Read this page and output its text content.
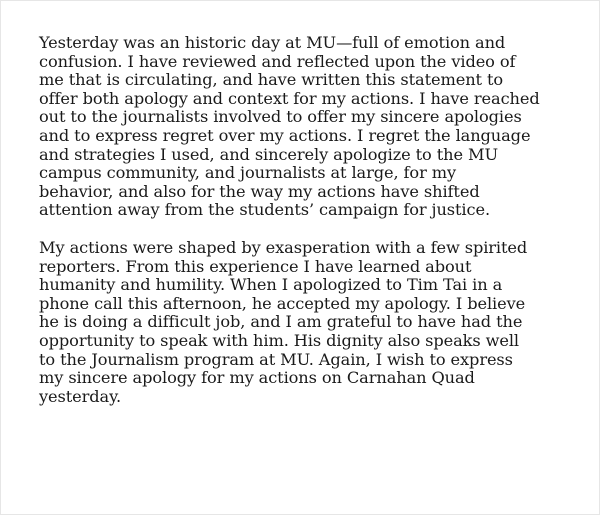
Yesterday was an historic day at MU—full of emotion and
confusion. I have reviewed and reflected upon the video of
me that is circulating, and have written this statement to
offer both apology and context for my actions. I have reached
out to the journalists involved to offer my sincere apologies
and to express regret over my actions. I regret the language
and strategies I used, and sincerely apologize to the MU
campus community, and journalists at large, for my
behavior, and also for the way my actions have shifted
attention away from the students’ campaign for justice.

My actions were shaped by exasperation with a few spirited
reporters. From this experience I have learned about
humanity and humility. When I apologized to Tim Tai in a
phone call this afternoon, he accepted my apology. I believe
he is doing a difficult job, and I am grateful to have had the
opportunity to speak with him. His dignity also speaks well
to the Journalism program at MU. Again, I wish to express
my sincere apology for my actions on Carnahan Quad
yesterday.
